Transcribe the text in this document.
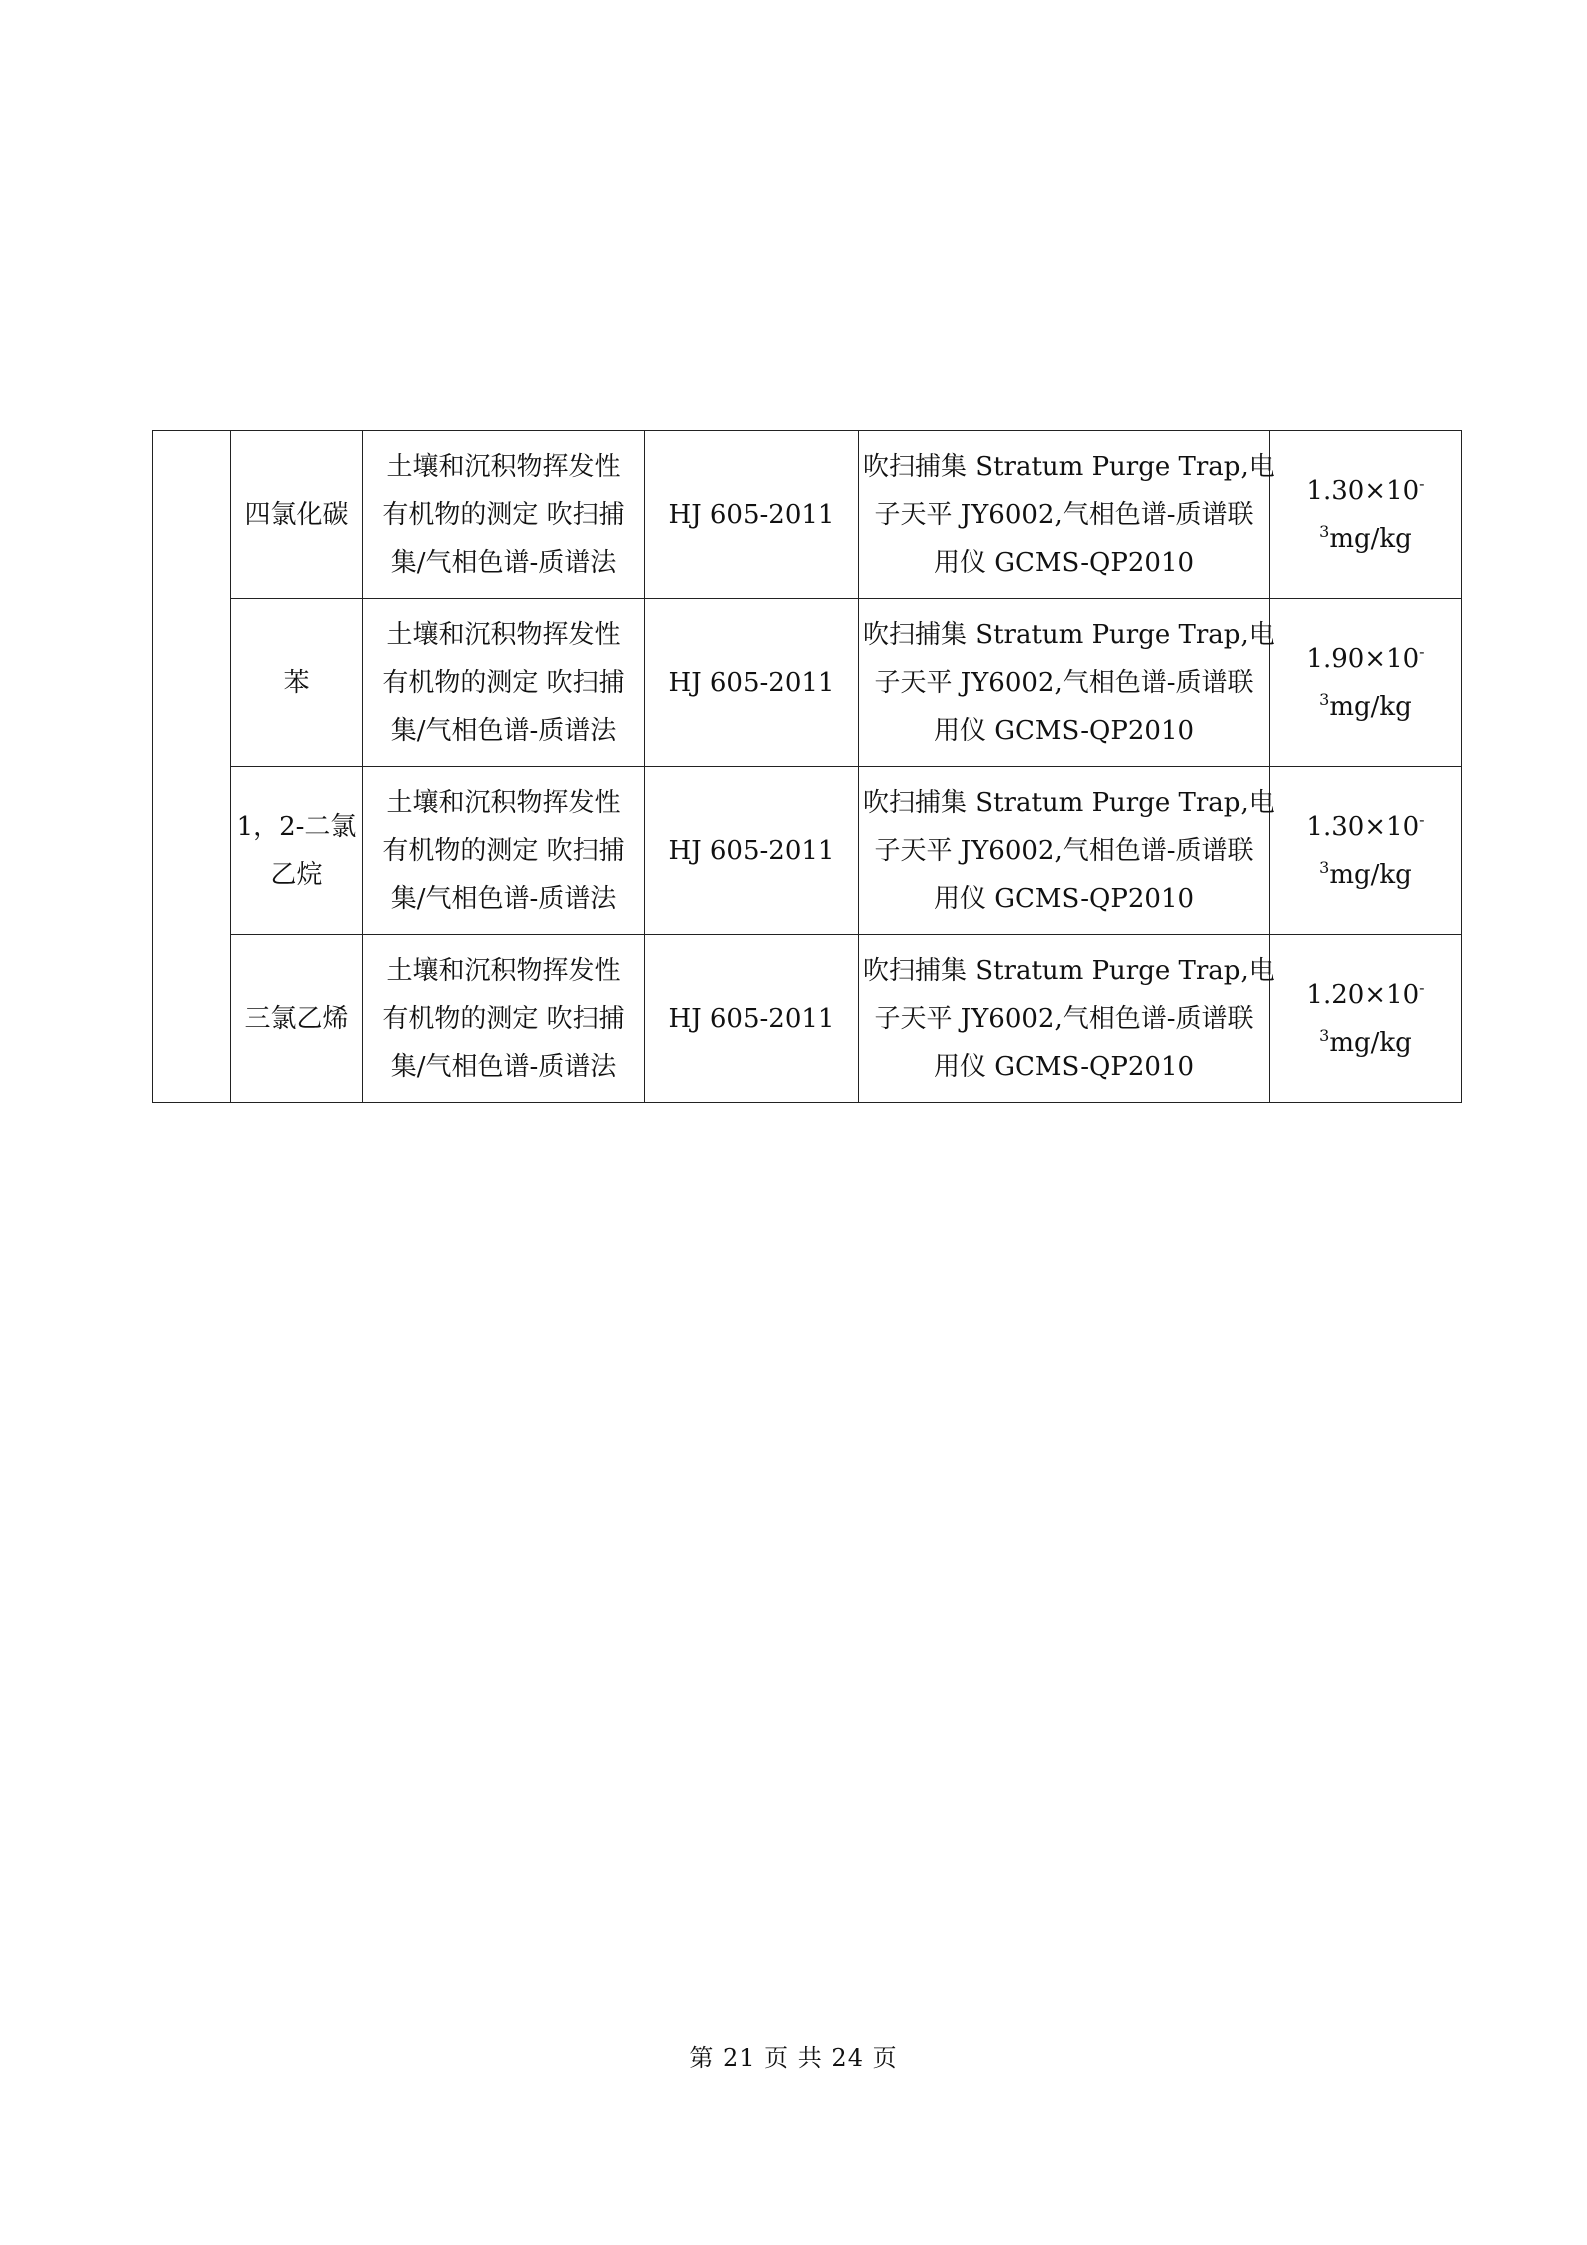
	四氯化碳	土壤和沉积物挥发性
有机物的测定 吹扫捕
集/气相色谱-质谱法	HJ 605-2011	吹扫捕集 Stratum Purge Trap,电
子天平 JY6002,气相色谱-质谱联
用仪 GCMS-QP2010	$1.30\times 10^{-3}mg/kg$

	苯	土壤和沉积物挥发性
有机物的测定 吹扫捕
集/气相色谱-质谱法	HJ 605-2011	吹扫捕集 Stratum Purge Trap,电
子天平 JY6002,气相色谱-质谱联
用仪 GCMS-QP2010	$1.90\times 10^{-3}mg/kg$

	1，2-二氯乙烷	土壤和沉积物挥发性
有机物的测定 吹扫捕
集/气相色谱-质谱法	HJ 605-2011	吹扫捕集 Stratum Purge Trap,电
子天平 JY6002,气相色谱-质谱联
用仪 GCMS-QP2010	$1.30\times 10^{-3}mg/kg$

	三氯乙烯	土壤和沉积物挥发性
有机物的测定 吹扫捕
集/气相色谱-质谱法	HJ 605-2011	吹扫捕集 Stratum Purge Trap,电
子天平 JY6002,气相色谱-质谱联
用仪 GCMS-QP2010	$1.20\times 10^{-3}mg/kg$
第 21 页 共 24 页
